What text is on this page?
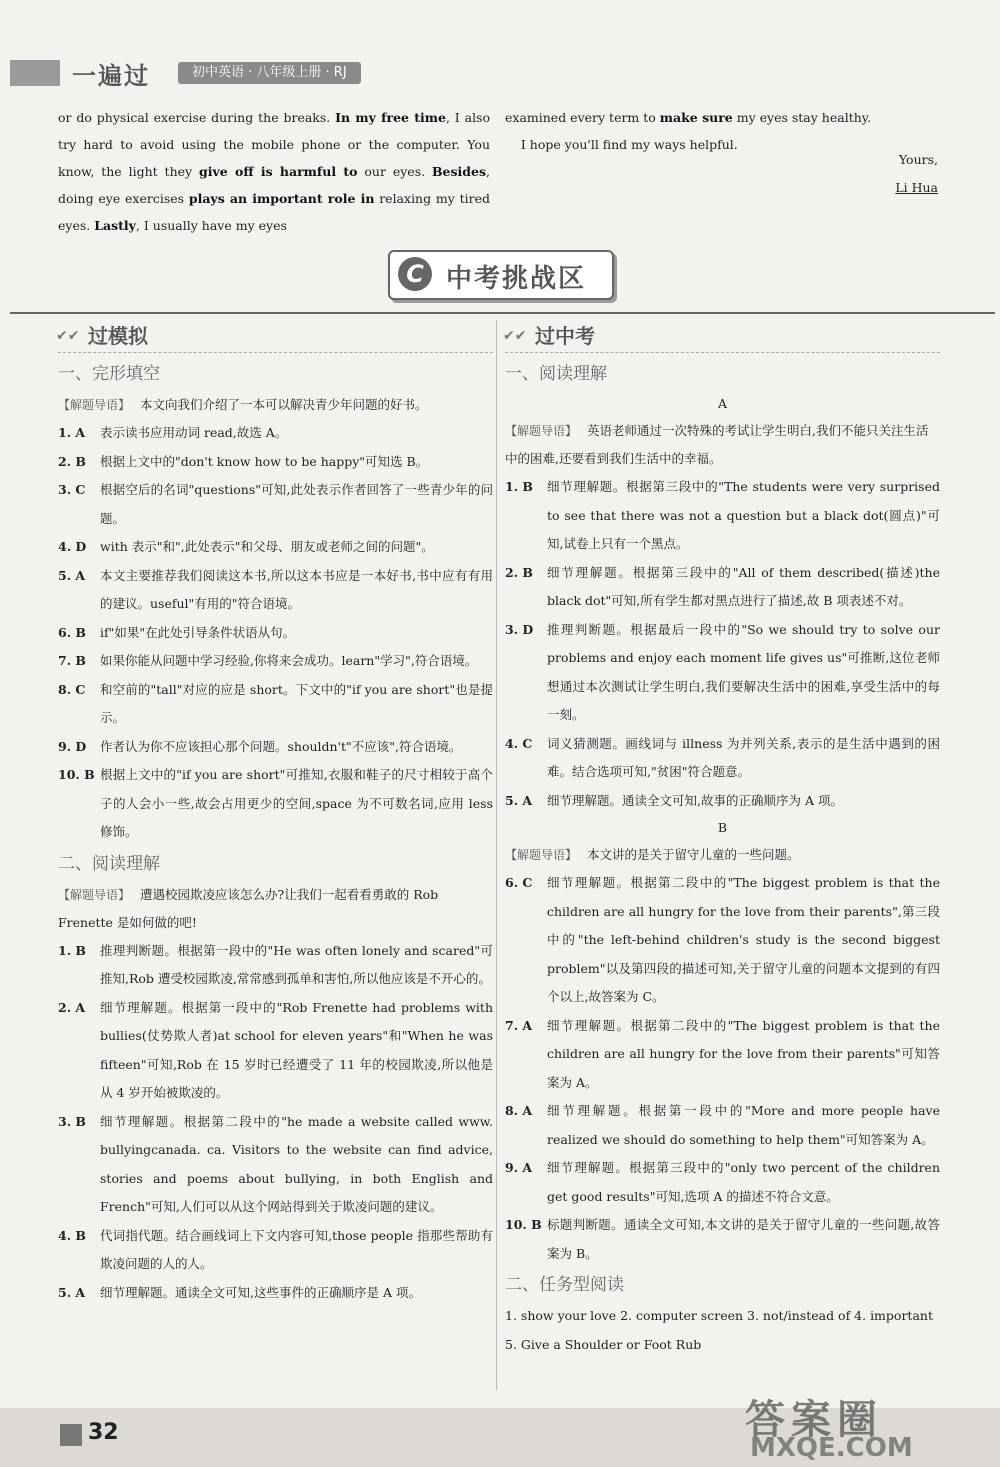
一遍过	初中英语 · 八年级上册 · RJ
or do physical exercise during the breaks. In my free time, I also try hard to avoid using the mobile phone or the computer. You know, the light they give off is harmful to our eyes. Besides, doing eye exercises plays an important role in relaxing my tired eyes. Lastly, I usually have my eyes
examined every term to make sure my eyes stay healthy.
I hope you'll find my ways helpful.
Yours,
Li Hua
C 中考挑战区
✔✔ 过模拟
一、完形填空
【解题导语】 本文向我们介绍了一本可以解决青少年问题的好书。
1. A	表示读书应用动词 read,故选 A。
2. B	根据上文中的"don't know how to be happy"可知选 B。
3. C	根据空后的名词"questions"可知,此处表示作者回答了一些青少年的问题。
4. D	with 表示"和",此处表示"和父母、朋友或老师之间的问题"。
5. A	本文主要推荐我们阅读这本书,所以这本书应是一本好书,书中应有有用的建议。useful"有用的"符合语境。
6. B	if"如果"在此处引导条件状语从句。
7. B	如果你能从问题中学习经验,你将来会成功。learn"学习",符合语境。
8. C	和空前的"tall"对应的应是 short。下文中的"if you are short"也是提示。
9. D	作者认为你不应该担心那个问题。shouldn't"不应该",符合语境。
10. B 根据上文中的"if you are short"可推知,衣服和鞋子的尺寸相较于高个子的人会小一些,故会占用更少的空间,space 为不可数名词,应用 less 修饰。
二、阅读理解
【解题导语】 遭遇校园欺凌应该怎么办?让我们一起看看勇敢的 Rob Frenette 是如何做的吧!
1. B	推理判断题。根据第一段中的"He was often lonely and scared"可推知,Rob 遭受校园欺凌,常常感到孤单和害怕,所以他应该是不开心的。
2. A	细节理解题。根据第一段中的"Rob Frenette had problems with bullies(仗势欺人者)at school for eleven years"和"When he was fifteen"可知,Rob 在 15 岁时已经遭受了 11 年的校园欺凌,所以他是从 4 岁开始被欺凌的。
3. B	细节理解题。根据第二段中的"he made a website called www. bullyingcanada. ca. Visitors to the website can find advice, stories and poems about bullying, in both English and French"可知,人们可以从这个网站得到关于欺凌问题的建议。
4. B	代词指代题。结合画线词上下文内容可知,those people 指那些帮助有欺凌问题的人的人。
5. A	细节理解题。通读全文可知,这些事件的正确顺序是 A 项。
✔✔ 过中考
一、阅读理解
A
【解题导语】 英语老师通过一次特殊的考试让学生明白,我们不能只关注生活中的困难,还要看到我们生活中的幸福。
1. B	细节理解题。根据第三段中的"The students were very surprised to see that there was not a question but a black dot(圆点)"可知,试卷上只有一个黑点。
2. B	细节理解题。根据第三段中的"All of them described(描述)the black dot"可知,所有学生都对黑点进行了描述,故 B 项表述不对。
3. D	推理判断题。根据最后一段中的"So we should try to solve our problems and enjoy each moment life gives us"可推断,这位老师想通过本次测试让学生明白,我们要解决生活中的困难,享受生活中的每一刻。
4. C	词义猜测题。画线词与 illness 为并列关系,表示的是生活中遇到的困难。结合选项可知,"贫困"符合题意。
5. A	细节理解题。通读全文可知,故事的正确顺序为 A 项。
B
【解题导语】 本文讲的是关于留守儿童的一些问题。
6. C	细节理解题。根据第二段中的"The biggest problem is that the children are all hungry for the love from their parents",第三段中的"the left-behind children's study is the second biggest problem"以及第四段的描述可知,关于留守儿童的问题本文提到的有四个以上,故答案为 C。
7. A	细节理解题。根据第二段中的"The biggest problem is that the children are all hungry for the love from their parents"可知答案为 A。
8. A	细节理解题。根据第一段中的"More and more people have realized we should do something to help them"可知答案为 A。
9. A	细节理解题。根据第三段中的"only two percent of the children get good results"可知,选项 A 的描述不符合文意。
10. B 标题判断题。通读全文可知,本文讲的是关于留守儿童的一些问题,故答案为 B。
二、任务型阅读
1. show your love 2. computer screen 3. not/instead of 4. important
5. Give a Shoulder or Foot Rub
32	答案圈
MXQE.COM
